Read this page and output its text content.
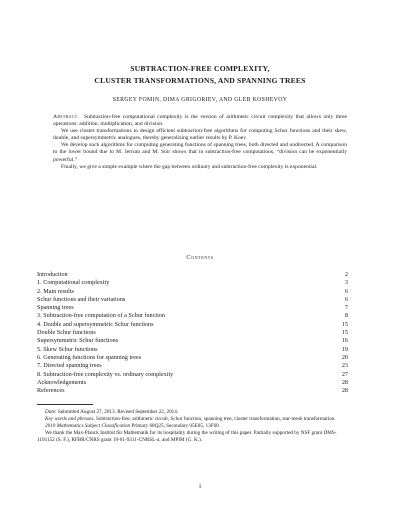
SUBTRACTION-FREE COMPLEXITY,
CLUSTER TRANSFORMATIONS, AND SPANNING TREES
SERGEY FOMIN, DIMA GRIGORIEV, AND GLEB KOSHEVOY

Abstract. Subtraction-free computational complexity is the version of arithmetic circuit complexity that allows only three operations: addition, multiplication, and division.

We use cluster transformations to design efficient subtraction-free algorithms for computing Schur functions and their skew, double, and supersymmetric analogues, thereby generalizing earlier results by P. Koev.

We develop such algorithms for computing generating functions of spanning trees, both directed and undirected. A comparison to the lower bound due to M. Jerrum and M. Snir shows that in subtraction-free computations, “division can be exponentially powerful.”

Finally, we give a simple example where the gap between ordinary and subtraction-free complexity is exponential.

Contents
Introduction	2
1. Computational complexity	3
2. Main results	6
Schur functions and their variations	6
Spanning trees	7
3. Subtraction-free computation of a Schur function	8
4. Double and supersymmetric Schur functions	15
Double Schur functions	15
Supersymmetric Schur functions	16
5. Skew Schur functions	19
6. Generating functions for spanning trees	20
7. Directed spanning trees	23
8. Subtraction-free complexity vs. ordinary complexity	27
Acknowledgements	28
References	28

Date: Submitted August 27, 2013. Revised September 22, 2014.

Key words and phrases. Subtraction-free, arithmetic circuit, Schur function, spanning tree, cluster transformation, star-mesh transformation.

2010 Mathematics Subject Classification Primary 68Q25, Secondary 05E05, 13F60.

We thank the Max-Planck Institut für Mathematik for its hospitality during the writing of this paper. Partially supported by NSF grant DMS-1101152 (S. F.), RFBR/CNRS grant 10-01-9311-CNRSL-a, and MPIM (G. K.).

1
